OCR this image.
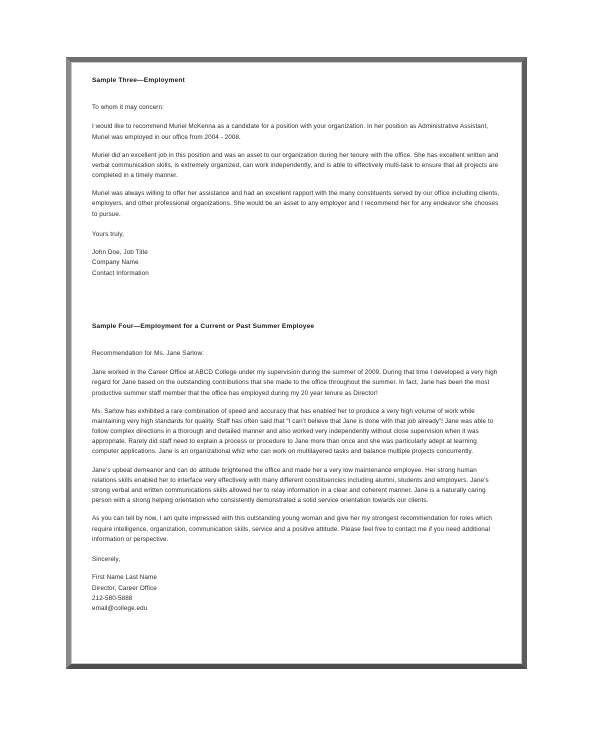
Sample Three—Employment

To whom it may concern:

I would like to recommend Muriel McKenna as a candidate for a position with your organization. In her position as Administrative Assistant, Muriel was employed in our office from 2004 - 2008.

Muriel did an excellent job in this position and was an asset to our organization during her tenure with the office. She has excellent written and verbal communication skills, is extremely organized, can work independently, and is able to effectively multi-task to ensure that all projects are completed in a timely manner.

Muriel was always willing to offer her assistance and had an excellent rapport with the many constituents served by our office including clients, employers, and other professional organizations. She would be an asset to any employer and I recommend her for any endeavor she chooses to pursue.

Yours truly,

John Doe, Job Title
Company Name
Contact Information

Sample Four—Employment for a Current or Past Summer Employee

Recommendation for Ms. Jane Sarlow:

Jane worked in the Career Office at ABCD College under my supervision during the summer of 2009. During that time I developed a very high regard for Jane based on the outstanding contributions that she made to the office throughout the summer. In fact, Jane has been the most productive summer staff member that the office has employed during my 20 year tenure as Director!

Ms. Sarlow has exhibited a rare combination of speed and accuracy that has enabled her to produce a very high volume of work while maintaining very high standards for quality. Staff has often said that “I can’t believe that Jane is done with that job already”! Jane was able to follow complex directions in a thorough and detailed manner and also worked very independently without close supervision when it was appropriate. Rarely did staff need to explain a process or procedure to Jane more than once and she was particularly adept at learning computer applications. Jane is an organizational whiz who can work on multilayered tasks and balance multiple projects concurrently.

Jane’s upbeat demeanor and can do attitude brightened the office and made her a very low maintenance employee. Her strong human relations skills enabled her to interface very effectively with many different constituencies including alumni, students and employers. Jane’s strong verbal and written communications skills allowed her to relay information in a clear and coherent manner. Jane is a naturally caring person with a strong helping orientation who consistently demonstrated a solid service orientation towards our clients.

As you can tell by now, I am quite impressed with this outstanding young woman and give her my strongest recommendation for roles which require intelligence, organization, communication skills, service and a positive attitude. Please feel free to contact me if you need additional information or perspective.

Sincerely,

First Name Last Name
Director, Career Office
212-580-5888
email@college.edu
